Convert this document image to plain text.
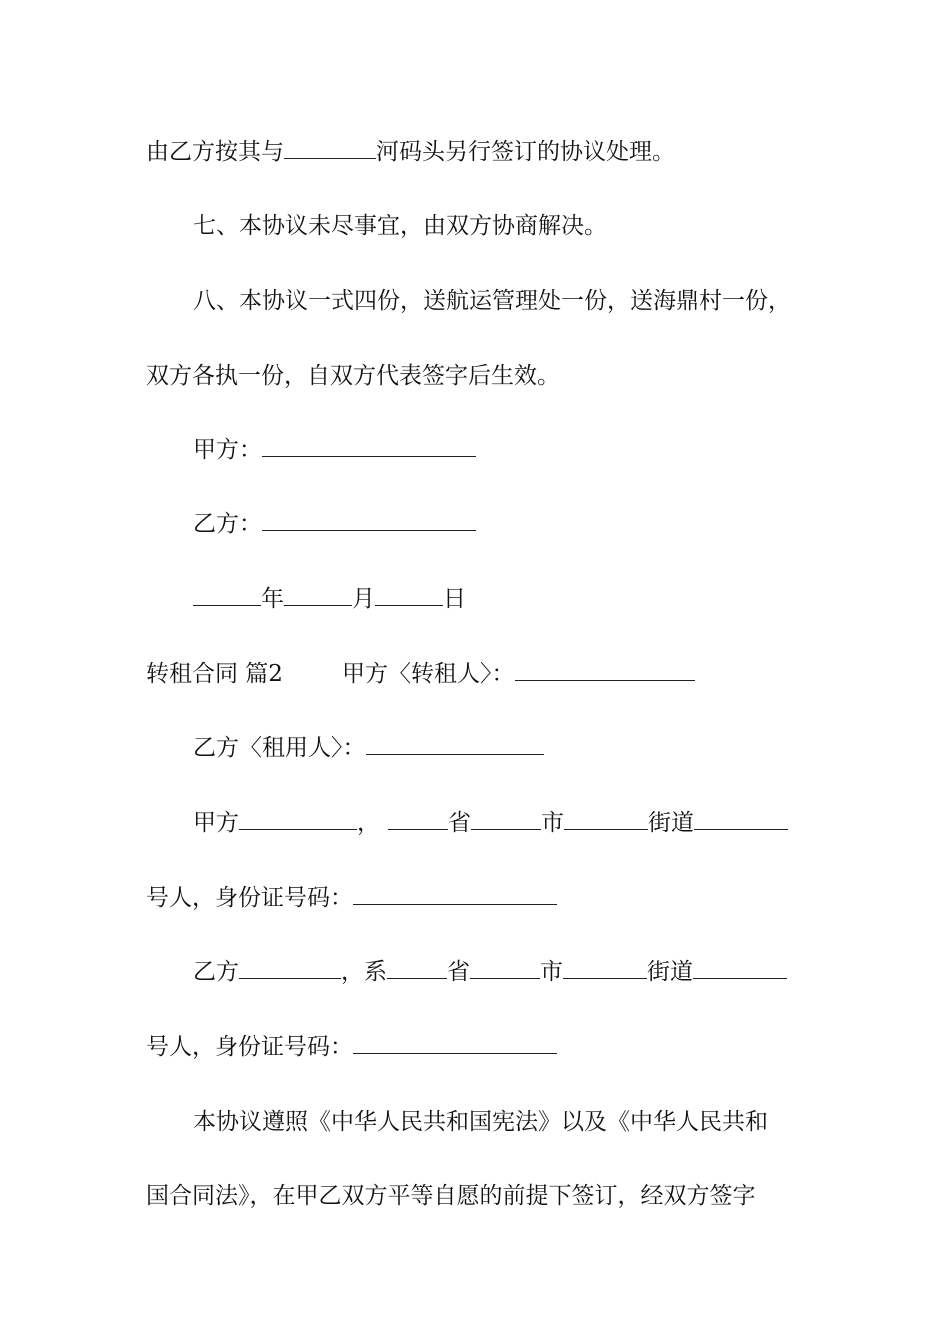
由乙方按其与	河码头另行签订的协议处理。
七、本协议未尽事宜，由双方协商解决。
八、本协议一式四份，送航运管理处一份，送海鼎村一份，
双方各执一份，自双方代表签字后生效。
甲方：
乙方：
年	月	日
转租合同 篇2	甲方〈转租人〉：
乙方〈租用人〉：
甲方	，	省	市	街道
号人，身份证号码：
乙方	，系	省	市	街道
号人，身份证号码：
本协议遵照《中华人民共和国宪法》以及《中华人民共和
国合同法》，在甲乙双方平等自愿的前提下签订，经双方签字
